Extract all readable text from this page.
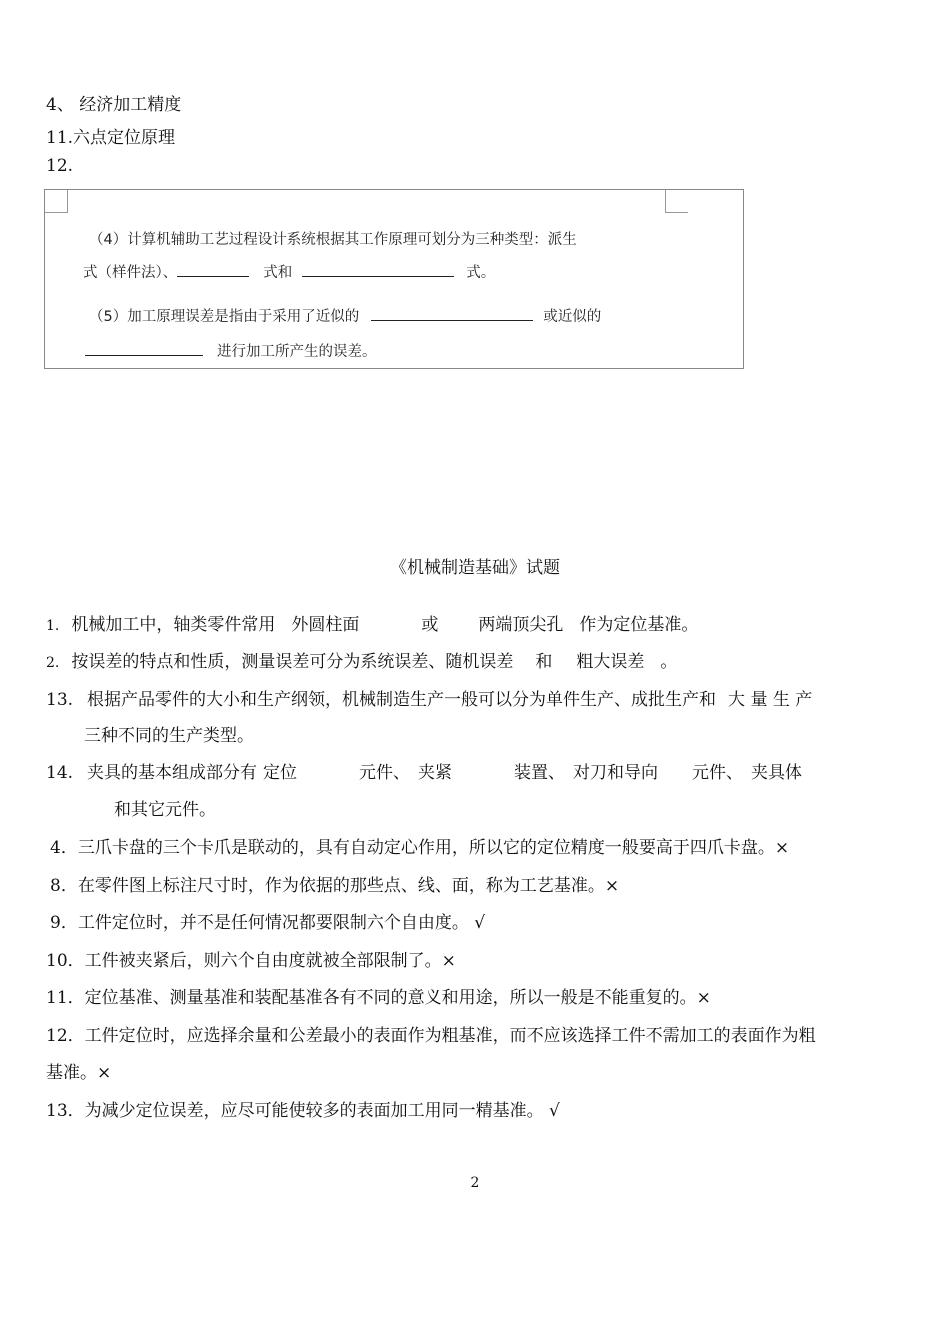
4、 经济加工精度
11.六点定位原理
12.
（4）计算机辅助工艺过程设计系统根据其工作原理可划分为三种类型：派生
式（样件法）、	式和	式。
（5）加工原理误差是指由于采用了近似的	或近似的
进行加工所产生的误差。
《机械制造基础》试题
1. 机械加工中，轴类零件常用 外圆柱面	或 两端顶尖孔 作为定位基准。
2. 按误差的特点和性质，测量误差可分为系统误差、随机误差 和 粗大误差 。
13. 根据产品零件的大小和生产纲领，机械制造生产一般可以分为单件生产、成批生产和 大 量 生 产
三种不同的生产类型。
14. 夹具的基本组成部分有 定位	元件、 夹紧	装置、 对刀和导向 元件、 夹具体
和其它元件。
4．三爪卡盘的三个卡爪是联动的，具有自动定心作用，所以它的定位精度一般要高于四爪卡盘。×
8．在零件图上标注尺寸时，作为依据的那些点、线、面，称为工艺基准。×
9．工件定位时，并不是任何情况都要限制六个自由度。 √
10．工件被夹紧后，则六个自由度就被全部限制了。×
11．定位基准、测量基准和装配基准各有不同的意义和用途，所以一般是不能重复的。×
12．工件定位时，应选择余量和公差最小的表面作为粗基准，而不应该选择工件不需加工的表面作为粗
基准。×
13．为减少定位误差，应尽可能使较多的表面加工用同一精基准。 √
2
